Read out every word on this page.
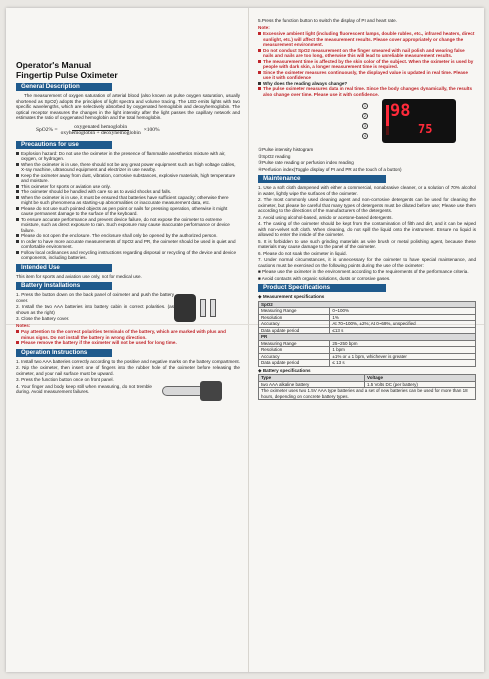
Operator's Manual
Fingertip Pulse Oximeter
General Description

The measurement of oxygen saturation of arterial blood (also known as pulse oxygen saturation, usually shortened as SpO2) adopts the principles of light spectra and volume tracing. The LED emits lights with two specific wavelengths, which are selectively absorbed by oxygenated hemoglobin and deoxyhemoglobin. The optical receptor measures the changes in the light intensity after the light passes the capillary network and estimates the ratio of oxygenated hemoglobin and the total hemoglobin.

$SpO2\% = \frac{\text{oxygenated hemoglobin}}{\text{oxyhemoglobin + deoxyhemoglobin}} \times 100\%$
Precautions for use
Explosion hazard: Do not use the oximeter in the presence of flammable anesthetics mixture with air, oxygen, or hydrogen.
When the oximeter is in use, there should not be any great power equipment such as high voltage cables, X-ray machine, ultrasound equipment and electrizer in use nearby.
Keep the oximeter away from dust, vibration, corrosive substances, explosive materials, high temperature and moisture.
This oximeter for sports or aviation use only.
The oximeter should be handled with care so as to avoid shocks and falls.
When the oximeter is in use, it must be ensured that batteries have sufficient capacity; otherwise there might be such phenomena as starting-up abnormalities or inaccurate measurement data, etc.
Please do not use such pointed objects as pen point or nails for pressing operation, otherwise it might cause permanent damage to the surface of the keyboard.
To ensure accurate performance and prevent device failure, do not expose the oximeter to extreme moisture, such as direct exposure to rain. Such exposure may cause inaccurate performance or device failure.
Please do not open the enclosure. The enclosure shall only be opened by the authorized person.
In order to have more accurate measurements of SpO2 and PR, the oximeter should be used in quiet and comfortable environment.
Follow local ordinances and recycling instructions regarding disposal or recycling of the device and device components, including batteries.
Intended Use

This item for sports and aviation use only, not for medical use.

Battery Installations

1. Press the button down on the back panel of oximeter and push the battery cover.

2. Install the two AAA batteries into battery cabin in correct polarities. (as shown as the right)

3. Close the battery cover.

Notes:

Pay attention to the correct polarities terminals of the battery, which are marked with plus and minus signs. Do not install the battery in wrong direction.
Please remove the battery if the oximeter will not be used for long time.
Operation Instructions

1. Install two AAA batteries correctly according to the positive and negative marks on the battery compartment.

2. Nip the oximeter, then insert one of fingers into the rubber hole of the oximeter before releasing the oximeter, and your nail surface must be upward.

3. Press the function button once on front panel.

4. Your finger and body keep still when measuring, do not tremble during. Avoid measurement failures.

5.Press the function button to switch the display of PI and heart rate.

Note:

Excessive ambient light (including fluorescent lamps, double rubles, etc., infrared heaters, direct sunlight, etc.) will affect the measurement results. Please cover appropriately or change the measurement environment.
Do not conduct SpO2 measurement on the finger smeared with nail polish and wearing false nails and nails are too long, otherwise this will lead to unreliable measurement results.
The measurement time is affected by the skin color of the subject. When the oximeter is used by people with dark skin, a longer measurement time is required.
Since the oximeter measures continuously, the displayed value is updated in real time. Please use it with confidence
Why does the reading always change?
The pulse oximeter measures data in real time. Since the body changes dynamically, the results also change over time. Please use it with confidence.
1
2
3
4
98
75

①Pulse intensity histogram

②SpO2 reading

③Pulse rate reading or perfusion index reading

④Perfusion index(Toggle display of PI and PR at the touch of a button)

Maintenance

1. Use a soft cloth dampened with either a commercial, nonabrasive cleaner, or a solution of 70% alcohol in water, lightly wipe the surfaces of the oximeter.

2. The most commonly used cleaning agent and non-corrosive detergents can be used for cleaning the oximeter, but please be careful that many types of detergents must be diluted before use; Please use them according to the directions of the manufacturers of the detergents.

3. Avoid using alcohol-based, amido or acetone-based detergents.

4. The casing of the oximeter should be kept from the contamination of filth and dirt, and it can be wiped with non-velvet soft cloth. When cleaning, do not spill the liquid onto the instrument. Ensure no liquid is allowed to enter the inside of the oximeter.

5. It is forbidden to use such grinding materials as wire brush or metal polishing agent, because these materials may cause damage to the panel of the oximeter.

6. Please do not soak the oximeter in liquid.

7. Under normal circumstances, it is unnecessary for the oximeter to have special maintenance, and cautions must be exercised on the following points during the use of the oximeter:

■ Please use the oximeter in the environment according to the requirements of the performance criteria.

■ Avoid contacts with organic solutions, dusts or corrosive gases.

Product Specifications

◆ Measurement specifications

SpO2	
Measuring Range	0~100%
Resolution	1%
Accuracy	At 70~100%, ±2%; At 0~69%, unspecified
Data update period	≤13 s
PR	
Measuring Range	25~250 bpm
Resolution	1 bpm
Accuracy	±1% or ± 1 bpm, whichever is greater
Data update period	≤ 13 s

◆ Battery specifications

Type	Voltage
two AAA alkaline battery	1.5 Volts DC (per battery)
The oximeter uses two 1.5V AAA type batteries and a set of new batteries can be used for more than 18 hours, depending on concrete battery types.	
